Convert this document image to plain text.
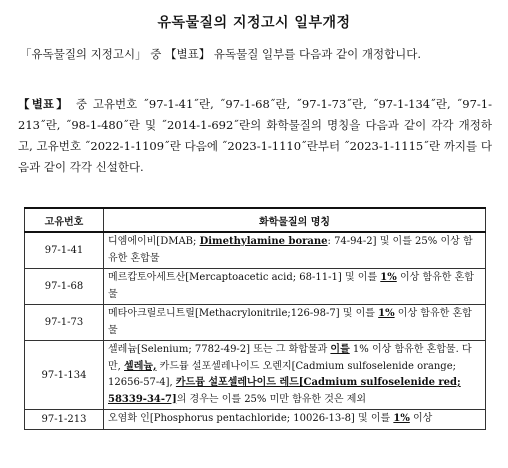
유독물질의 지정고시 일부개정
「유독물질의 지정고시」 중 【별표】 유독물질 일부를 다음과 같이 개정합니다.
【별표】 중 고유번호 ˝97-1-41˝란, ˝97-1-68˝란, ˝97-1-73˝란, ˝97-1-134˝란, ˝97-1-213˝란, ˝98-1-480˝란 및 ˝2014-1-692˝란의 화학물질의 명칭을 다음과 같이 각각 개정하고, 고유번호 ˝2022-1-1109˝란 다음에 ˝2023-1-1110˝란부터 ˝2023-1-1115˝란 까지를 다음과 같이 각각 신설한다.
고유번호	화학물질의 명칭
97-1-41	디엠에이비[DMAB; Dimethylamine borane: 74-94-2] 및 이를 25% 이상 함유한 혼합물
97-1-68	메르캅토아세트산[Mercaptoacetic acid; 68-11-1] 및 이를 1% 이상 함유한 혼합물
97-1-73	메타아크릴로니트릴[Methacrylonitrile;126-98-7] 및 이를 1% 이상 함유한 혼합물
97-1-134	셀레늄[Selenium; 7782-49-2] 또는 그 화합물과 이를 1% 이상 함유한 혼합물. 다만, 셀레늄, 카드뮴 설포셀레나이드 오렌지[Cadmium sulfoselenide orange; 12656-57-4], 카드뮴 설포셀레나이드 레드[Cadmium sulfoselenide red; 58339-34-7]의 경우는 이를 25% 미만 함유한 것은 제외
97-1-213	오염화 인[Phosphorus pentachloride; 10026-13-8] 및 이를 1% 이상
